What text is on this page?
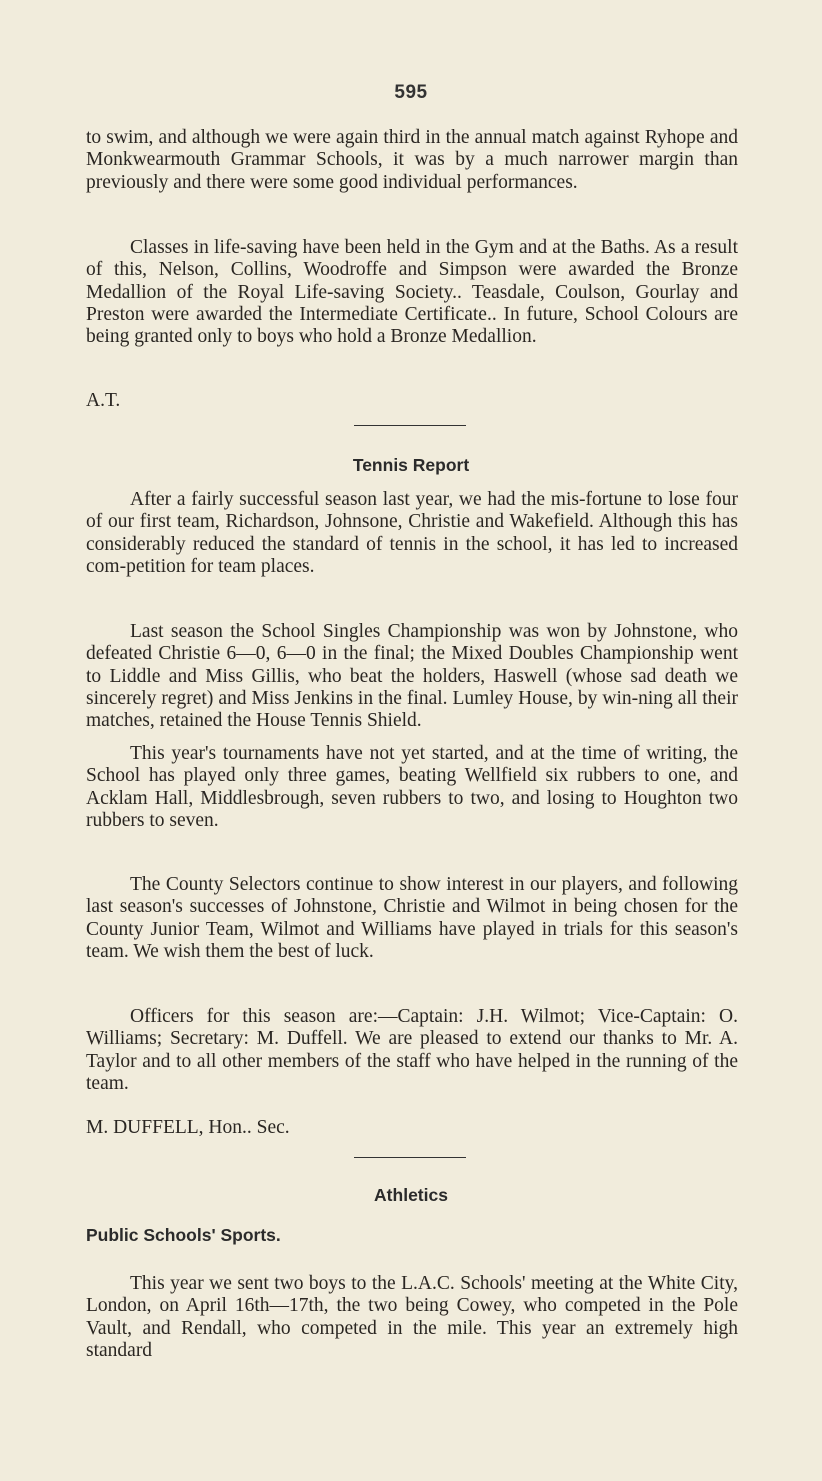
595

to swim, and although we were again third in the annual match against Ryhope and Monkwearmouth Grammar Schools, it was by a much narrower margin than previously and there were some good individual performances.

Classes in life-saving have been held in the Gym and at the Baths. As a result of this, Nelson, Collins, Woodroffe and Simpson were awarded the Bronze Medallion of the Royal Life-saving Society.. Teasdale, Coulson, Gourlay and Preston were awarded the Intermediate Certificate.. In future, School Colours are being granted only to boys who hold a Bronze Medallion.

A.T.

Tennis Report

After a fairly successful season last year, we had the mis-fortune to lose four of our first team, Richardson, Johnsone, Christie and Wakefield. Although this has considerably reduced the standard of tennis in the school, it has led to increased com-petition for team places.

Last season the School Singles Championship was won by Johnstone, who defeated Christie 6—0, 6—0 in the final; the Mixed Doubles Championship went to Liddle and Miss Gillis, who beat the holders, Haswell (whose sad death we sincerely regret) and Miss Jenkins in the final. Lumley House, by win-ning all their matches, retained the House Tennis Shield.

This year's tournaments have not yet started, and at the time of writing, the School has played only three games, beating Wellfield six rubbers to one, and Acklam Hall, Middlesbrough, seven rubbers to two, and losing to Houghton two rubbers to seven.

The County Selectors continue to show interest in our players, and following last season's successes of Johnstone, Christie and Wilmot in being chosen for the County Junior Team, Wilmot and Williams have played in trials for this season's team. We wish them the best of luck.

Officers for this season are:—Captain: J.H. Wilmot; Vice-Captain: O. Williams; Secretary: M. Duffell. We are pleased to extend our thanks to Mr. A. Taylor and to all other members of the staff who have helped in the running of the team.

M. DUFFELL, Hon.. Sec.

Athletics
Public Schools' Sports.

This year we sent two boys to the L.A.C. Schools' meeting at the White City, London, on April 16th—17th, the two being Cowey, who competed in the Pole Vault, and Rendall, who competed in the mile. This year an extremely high standard
